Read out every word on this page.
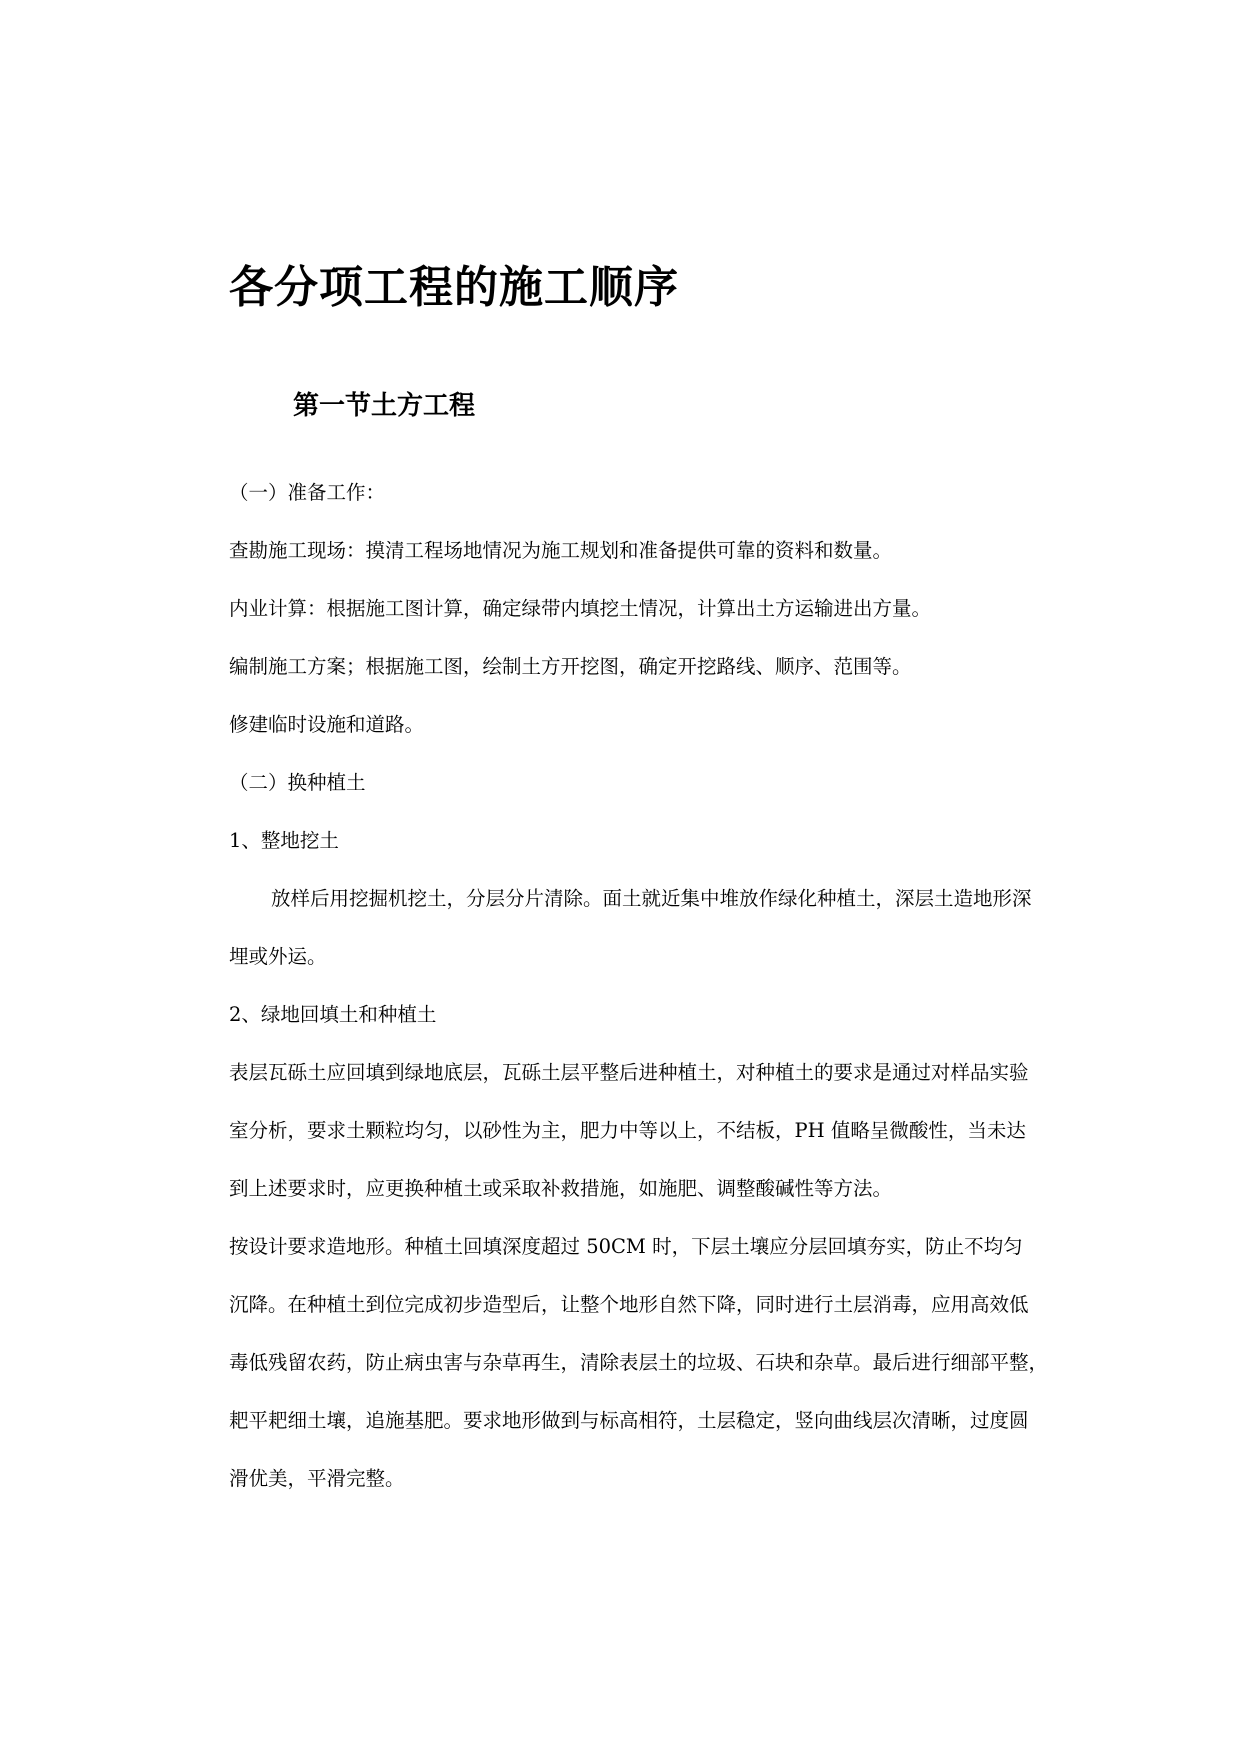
各分项工程的施工顺序
第一节土方工程
（一）准备工作：
查勘施工现场：摸清工程场地情况为施工规划和准备提供可靠的资料和数量。
内业计算：根据施工图计算，确定绿带内填挖土情况，计算出土方运输进出方量。
编制施工方案；根据施工图，绘制土方开挖图，确定开挖路线、顺序、范围等。
修建临时设施和道路。
（二）换种植土
1、整地挖土
放样后用挖掘机挖土，分层分片清除。面土就近集中堆放作绿化种植土，深层土造地形深
埋或外运。
2、绿地回填土和种植土
表层瓦砾土应回填到绿地底层，瓦砾土层平整后进种植土，对种植土的要求是通过对样品实验
室分析，要求土颗粒均匀，以砂性为主，肥力中等以上，不结板，PH 值略呈微酸性，当未达
到上述要求时，应更换种植土或采取补救措施，如施肥、调整酸碱性等方法。
按设计要求造地形。种植土回填深度超过 50CM 时，下层土壤应分层回填夯实，防止不均匀
沉降。在种植土到位完成初步造型后，让整个地形自然下降，同时进行土层消毒，应用高效低
毒低残留农药，防止病虫害与杂草再生，清除表层土的垃圾、石块和杂草。最后进行细部平整，
耙平耙细土壤，追施基肥。要求地形做到与标高相符，土层稳定，竖向曲线层次清晰，过度圆
滑优美，平滑完整。
